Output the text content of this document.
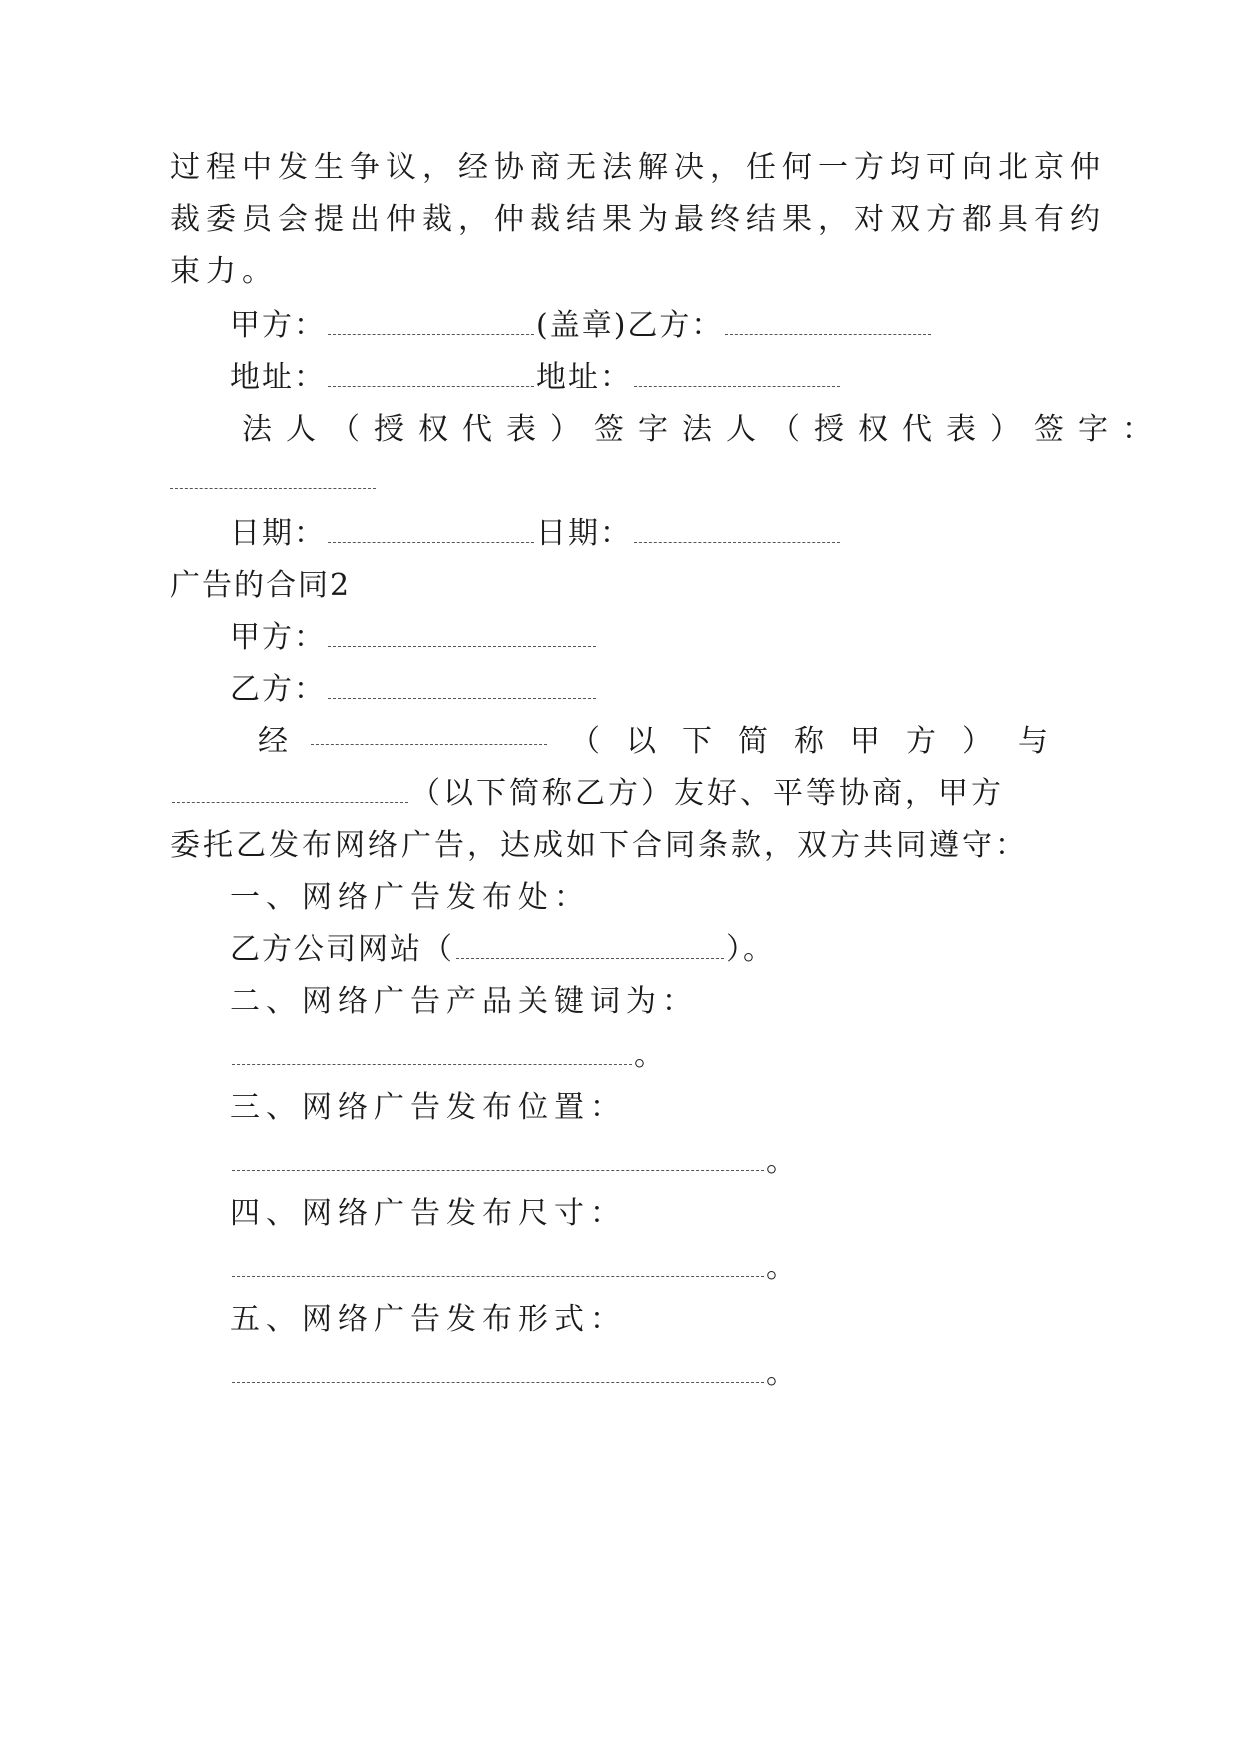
过程中发生争议，经协商无法解决，任何一方均可向北京仲
裁委员会提出仲裁，仲裁结果为最终结果，对双方都具有约
束力。
甲方：	(盖章)乙方：
地址：	地址：
法人（授权代表）签字法人（授权代表）签字：
日期：	日期：
广告的合同2
甲方：
乙方：
经	（以下简称甲方）与
（以下简称乙方）友好、平等协商，甲方
委托乙发布网络广告，达成如下合同条款，双方共同遵守：
一、网络广告发布处：
乙方公司网站（	）。
二、网络广告产品关键词为：
。
三、网络广告发布位置：
。
四、网络广告发布尺寸：
。
五、网络广告发布形式：
。
